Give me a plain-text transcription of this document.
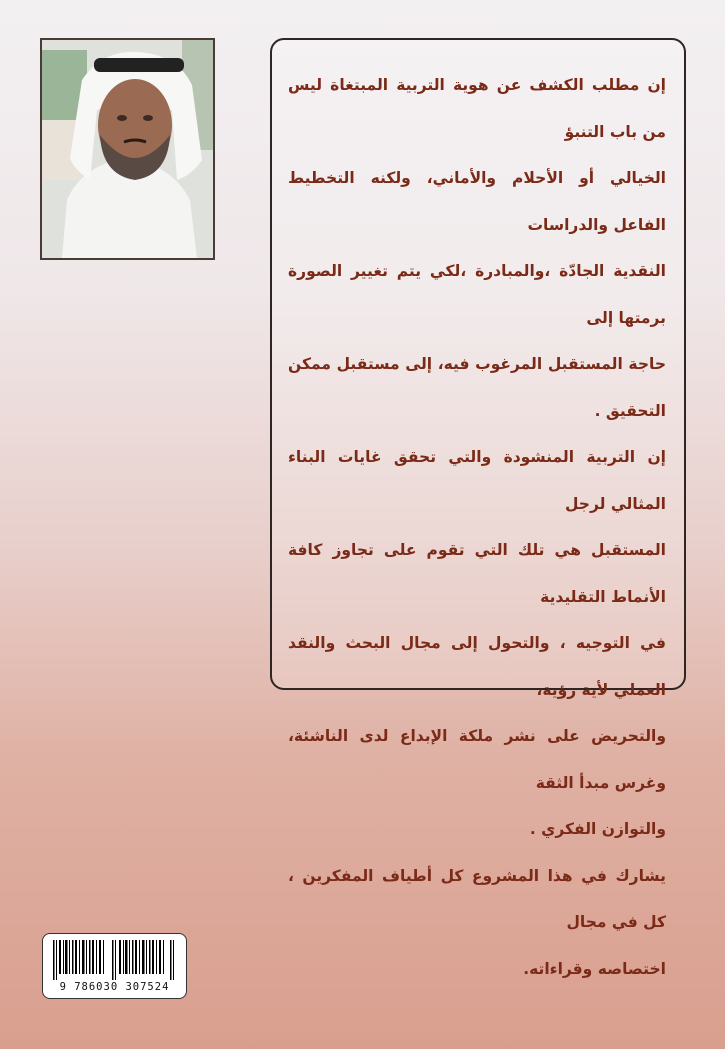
إن مطلب الكشف عن هوية التربية المبتغاة ليس من باب التنبؤ
الخيالي أو الأحلام والأماني، ولكنه التخطيط الفاعل والدراسات
النقدية الجادّة ،والمبادرة ،لكي يتم تغيير الصورة برمتها إلى
حاجة المستقبل المرغوب فيه، إلى مستقبل ممكن التحقيق .

إن التربية المنشودة والتي تحقق غايات البناء المثالي لرجل
المستقبل هي تلك التي تقوم على تجاوز كافة الأنماط التقليدية
في التوجيه ، والتحول إلى مجال البحث والنقد العملي لأية رؤية،
والتحريض على نشر ملكة الإبداع لدى الناشئة، وغرس مبدأ الثقة
والتوازن الفكري .

يشارك في هذا المشروع كل أطياف المفكرين ، كل في مجال
اختصاصه وقراءاته.

9 786030 307524
